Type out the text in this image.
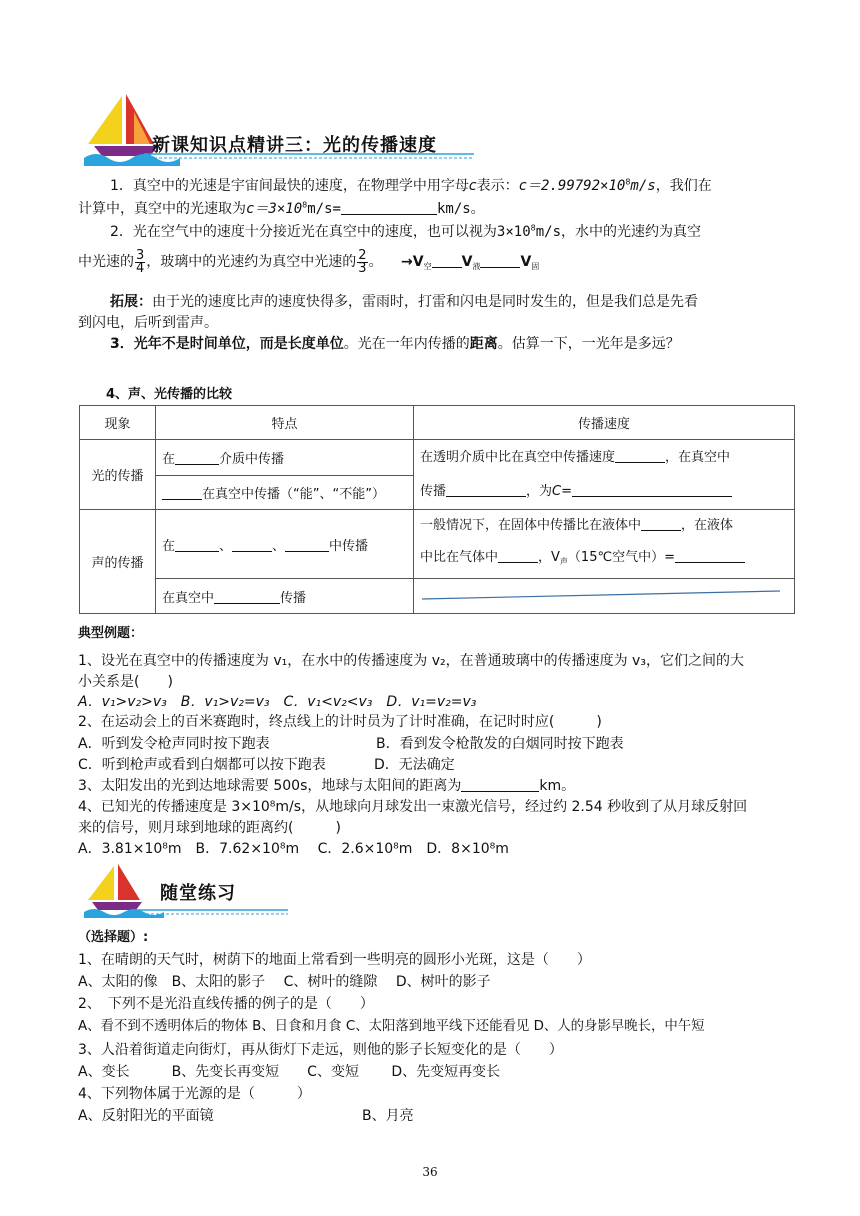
新课知识点精讲三：光的传播速度
1．真空中的光速是宇宙间最快的速度，在物理学中用字母c表示：$c=2.99792\times 10^8m/s$，我们在
计算中，真空中的光速取为$c=3\times 10^8m/s=$	km/s。
2．光在空气中的速度十分接近光在真空中的速度，也可以视为$3\times 10^8m/s$，水中的光速约为真空
中光速的 $\frac{3}{4}$ ，玻璃中的光速约为真空中光速的 $\frac{2}{3}$ 。 $\to V_空$ $V_液$	$V_固$
拓展：由于光的速度比声的速度快得多，雷雨时，打雷和闪电是同时发生的，但是我们总是先看
到闪电，后听到雷声。
3．光年不是时间单位，而是长度单位。光在一年内传播的距离。估算一下，一光年是多远？
4、声、光传播的比较
现象	特点	传播速度
光的传播	在 介质中传播	在透明介质中比在真空中传播速度 ，在真空中
传播 ，为C=

	在真空中传播（“能”、“不能”）	
声的传播	在 、 、 中传播	一般情况下，在固体中传播比在液体中 ，在液体
中比在气体中 ，$V_声(15℃$空气中）=

	在真空中 传播	
典型例题：
1、设光在真空中的传播速度为 v₁，在水中的传播速度为 v₂，在普通玻璃中的传播速度为 v₃，它们之间的大
小关系是(　　)
A．v₁>v₂>v₃　B．v₁>v₂=v₃　C．v₁<v₂<v₃　D．v₁=v₂=v₃
2、在运动会上的百米赛跑时，终点线上的计时员为了计时准确，在记时时应(　　　)
A．听到发令枪声同时按下跑表	B．看到发令枪散发的白烟同时按下跑表
C．听到枪声或看到白烟都可以按下跑表	D．无法确定
3、太阳发出的光到达地球需要 500s，地球与太阳间的距离为	km。
4、已知光的传播速度是 3×10⁸m/s，从地球向月球发出一束激光信号，经过约 2.54 秒收到了从月球反射回
来的信号，则月球到地球的距离约(　　　)
A．3.81×10⁸m　B．7.62×10⁸m　 C．2.6×10⁸m　D．8×10⁸m
随堂练习
（选择题）:
1、在晴朗的天气时，树荫下的地面上常看到一些明亮的圆形小光斑，这是（　　）
A、太阳的像　B、太阳的影子　 C、树叶的缝隙　 D、树叶的影子
2、　下列不是光沿直线传播的例子的是（　　）
A、看不到不透明体后的物体 B、日食和月食 C、太阳落到地平线下还能看见 D、人的身影早晚长，中午短
3、人沿着街道走向街灯，再从街灯下走远，则他的影子长短变化的是（　　）
A、变长　　　B、先变长再变短　　C、变短　　 D、先变短再变长
4、下列物体属于光源的是（　　　）
A、反射阳光的平面镜	B、月亮
36
